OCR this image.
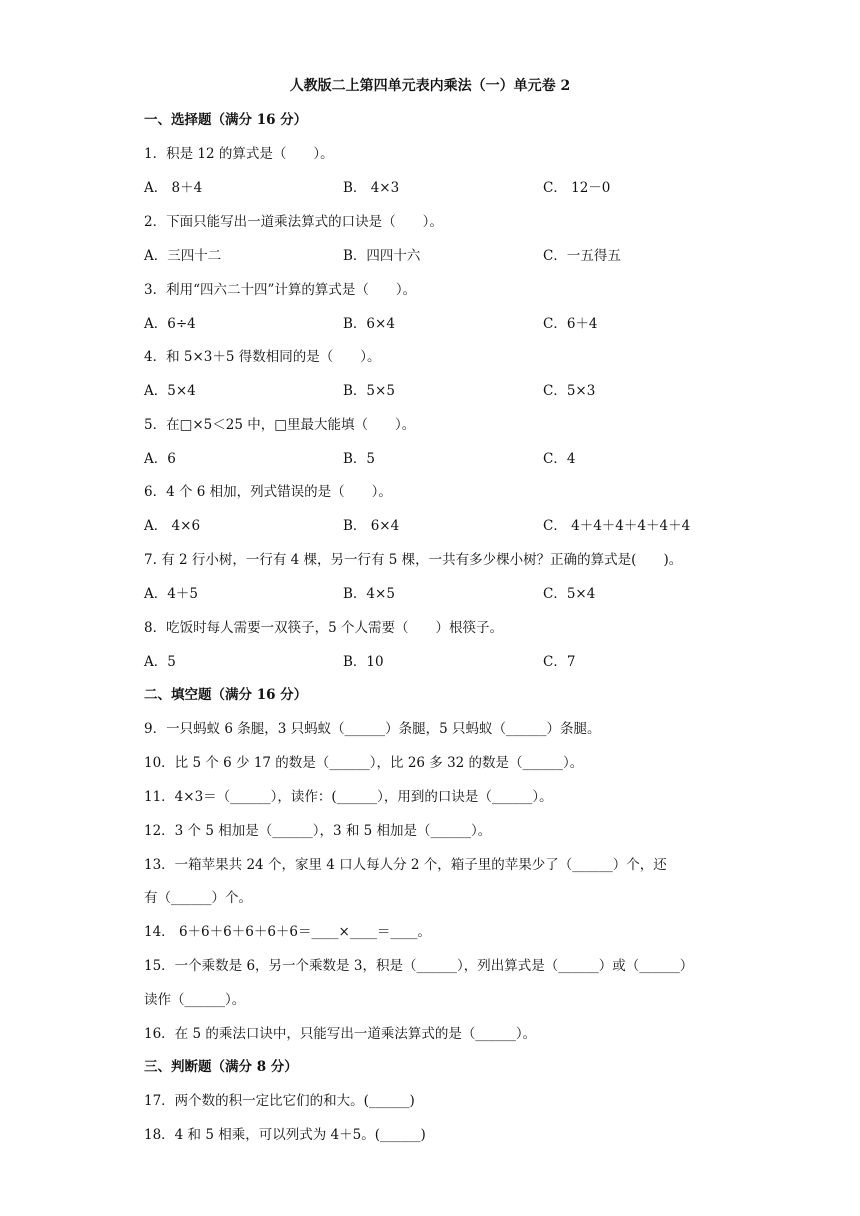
人教版二上第四单元表内乘法（一）单元卷 2
一、选择题（满分 16 分）
1．积是 12 的算式是（　　）。
A． 8＋4	B． 4×3	C． 12－0
2．下面只能写出一道乘法算式的口诀是（　　）。
A．三四十二	B．四四十六	C．一五得五
3．利用“四六二十四”计算的算式是（　　）。
A．6÷4	B．6×4	C．6＋4
4．和 5×3＋5 得数相同的是（　　）。
A．5×4	B．5×5	C．5×3
5．在□×5＜25 中，□里最大能填（　　）。
A．6	B．5	C．4
6．4 个 6 相加，列式错误的是（　　）。
A． 4×6	B． 6×4	C． 4＋4＋4＋4＋4＋4
7. 有 2 行小树，一行有 4 棵，另一行有 5 棵，一共有多少棵小树？正确的算式是(　　)。
A．4＋5	B．4×5	C．5×4
8．吃饭时每人需要一双筷子，5 个人需要（　　）根筷子。
A．5	B．10	C．7
二、填空题（满分 16 分）
9．一只蚂蚁 6 条腿，3 只蚂蚁（______）条腿，5 只蚂蚁（______）条腿。
10．比 5 个 6 少 17 的数是（______），比 26 多 32 的数是（______）。
11．4×3＝（______），读作：(______），用到的口诀是（______）。
12．3 个 5 相加是（______），3 和 5 相加是（______）。
13．一箱苹果共 24 个，家里 4 口人每人分 2 个，箱子里的苹果少了（______）个，还
有（______）个。
14． 6＋6＋6＋6＋6＋6＝____×____＝____。
15．一个乘数是 6，另一个乘数是 3，积是（______），列出算式是（______）或（______）
读作（______）。
16．在 5 的乘法口诀中，只能写出一道乘法算式的是（______）。
三、判断题（满分 8 分）
17．两个数的积一定比它们的和大。(______)
18．4 和 5 相乘，可以列式为 4＋5。(______)
